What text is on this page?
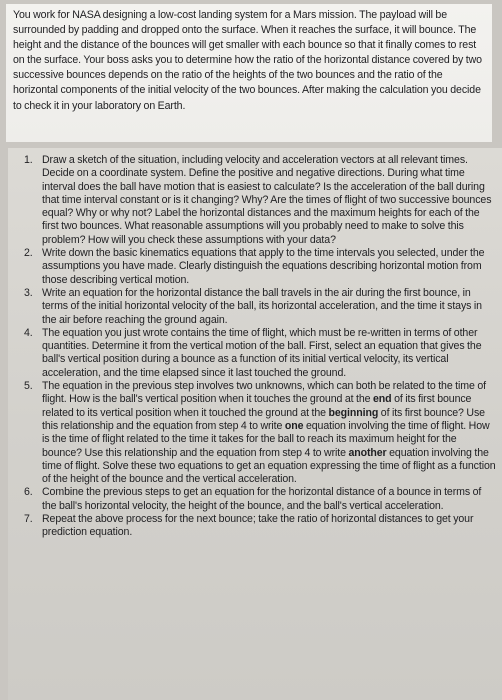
You work for NASA designing a low-cost landing system for a Mars mission. The payload will be surrounded by padding and dropped onto the surface. When it reaches the surface, it will bounce. The height and the distance of the bounces will get smaller with each bounce so that it finally comes to rest on the surface. Your boss asks you to determine how the ratio of the horizontal distance covered by two successive bounces depends on the ratio of the heights of the two bounces and the ratio of the horizontal components of the initial velocity of the two bounces. After making the calculation you decide to check it in your laboratory on Earth.

1. Draw a sketch of the situation, including velocity and acceleration vectors at all relevant times. Decide on a coordinate system. Define the positive and negative directions. During what time interval does the ball have motion that is easiest to calculate? Is the acceleration of the ball during that time interval constant or is it changing? Why? Are the times of flight of two successive bounces equal? Why or why not? Label the horizontal distances and the maximum heights for each of the first two bounces. What reasonable assumptions will you probably need to make to solve this problem? How will you check these assumptions with your data?
2. Write down the basic kinematics equations that apply to the time intervals you selected, under the assumptions you have made. Clearly distinguish the equations describing horizontal motion from those describing vertical motion.
3. Write an equation for the horizontal distance the ball travels in the air during the first bounce, in terms of the initial horizontal velocity of the ball, its horizontal acceleration, and the time it stays in the air before reaching the ground again.
4. The equation you just wrote contains the time of flight, which must be re-written in terms of other quantities. Determine it from the vertical motion of the ball. First, select an equation that gives the ball's vertical position during a bounce as a function of its initial vertical velocity, its vertical acceleration, and the time elapsed since it last touched the ground.
5. The equation in the previous step involves two unknowns, which can both be related to the time of flight. How is the ball's vertical position when it touches the ground at the end of its first bounce related to its vertical position when it touched the ground at the beginning of its first bounce? Use this relationship and the equation from step 4 to write one equation involving the time of flight. How is the time of flight related to the time it takes for the ball to reach its maximum height for the bounce? Use this relationship and the equation from step 4 to write another equation involving the time of flight. Solve these two equations to get an equation expressing the time of flight as a function of the height of the bounce and the vertical acceleration.
6. Combine the previous steps to get an equation for the horizontal distance of a bounce in terms of the ball's horizontal velocity, the height of the bounce, and the ball's vertical acceleration.
7. Repeat the above process for the next bounce; take the ratio of horizontal distances to get your prediction equation.
